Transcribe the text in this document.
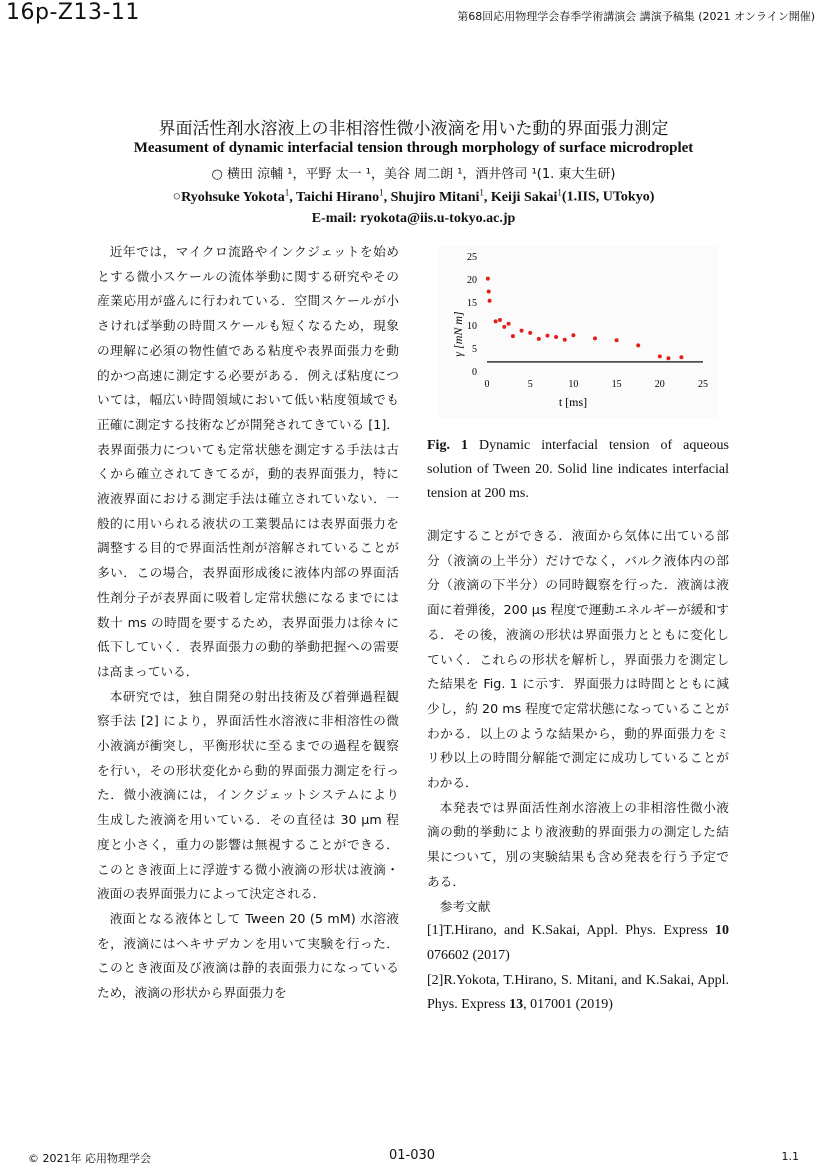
16p-Z13-11	第68回応用物理学会春季学術講演会 講演予稿集 (2021 オンライン開催)
界面活性剤水溶液上の非相溶性微小液滴を用いた動的界面張力測定
Measument of dynamic interfacial tension through morphology of surface microdroplet
○ 横田 涼輔 ¹，平野 太一 ¹，美谷 周二朗 ¹，酒井啓司 ¹(1. 東大生研)
○Ryohsuke Yokota$^1$, Taichi Hirano$^1$, Shujiro Mitani$^1$, Keiji Sakai$^1$(1.IIS, UTokyo)
E-mail: ryokota@iis.u-tokyo.ac.jp

近年では，マイクロ流路やインクジェットを始めとする微小スケールの流体挙動に関する研究やその産業応用が盛んに行われている．空間スケールが小さければ挙動の時間スケールも短くなるため，現象の理解に必須の物性値である粘度や表界面張力を動的かつ高速に測定する必要がある．例えば粘度については，幅広い時間領域において低い粘度領域でも正確に測定する技術などが開発されてきている [1]．表界面張力についても定常状態を測定する手法は古くから確立されてきてるが，動的表界面張力，特に液液界面における測定手法は確立されていない．一般的に用いられる液状の工業製品には表界面張力を調整する目的で界面活性剤が溶解されていることが多い．この場合，表界面形成後に液体内部の界面活性剤分子が表界面に吸着し定常状態になるまでには数十 ms の時間を要するため，表界面張力は徐々に低下していく．表界面張力の動的挙動把握への需要は高まっている．

本研究では，独自開発の射出技術及び着弾過程観察手法 [2] により，界面活性水溶液に非相溶性の微小液滴が衝突し，平衡形状に至るまでの過程を観察を行い，その形状変化から動的界面張力測定を行った．微小液滴には，インクジェットシステムにより生成した液滴を用いている．その直径は 30 μm 程度と小さく，重力の影響は無視することができる．このとき液面上に浮遊する微小液滴の形状は液滴・液面の表界面張力によって決定される．

液面となる液体として Tween 20 (5 mM) 水溶液を，液滴にはヘキサデカンを用いて実験を行った．このとき液面及び液滴は静的表面張力になっているため，液滴の形状から界面張力を

0	5	10	15	20	25
0
5
10
15
20
25
γ [mN m]
t [ms]
Fig. 1 Dynamic interfacial tension of aqueous solution of Tween 20. Solid line indicates interfacial tension at 200 ms.

測定することができる．液面から気体に出ている部分（液滴の上半分）だけでなく，バルク液体内の部分（液滴の下半分）の同時観察を行った．液滴は液面に着弾後，200 μs 程度で運動エネルギーが緩和する．その後，液滴の形状は界面張力とともに変化していく．これらの形状を解析し，界面張力を測定した結果を Fig. 1 に示す．界面張力は時間とともに減少し，約 20 ms 程度で定常状態になっていることがわかる．以上のような結果から，動的界面張力をミリ秒以上の時間分解能で測定に成功していることがわかる．

本発表では界面活性剤水溶液上の非相溶性微小液滴の動的挙動により液液動的界面張力の測定した結果について，別の実験結果も含め発表を行う予定である．

参考文献

[1]T.Hirano, and K.Sakai, Appl. Phys. Express 10 076602 (2017)

[2]R.Yokota, T.Hirano, S. Mitani, and K.Sakai, Appl. Phys. Express 13, 017001 (2019)

© 2021年 応用物理学会	01-030	1.1
